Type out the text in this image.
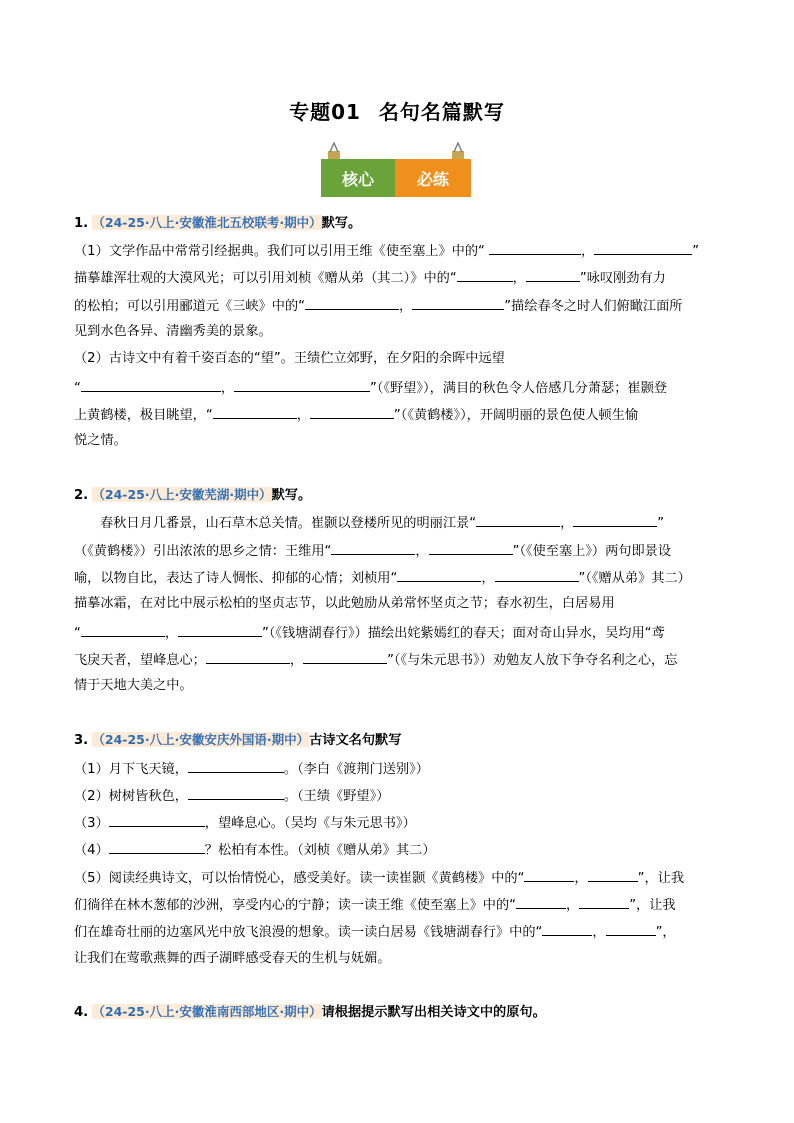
专题01 名句名篇默写
核心	必练
1. （24-25·八上·安徽淮北五校联考·期中）默写。
（1）文学作品中常常引经据典。我们可以引用王维《使至塞上》中的“	，	”
描摹雄浑壮观的大漠风光；可以引用刘桢《赠从弟（其二）》中的“	，	”咏叹刚劲有力
的松柏；可以引用郦道元《三峡》中的“	，	”描绘春冬之时人们俯瞰江面所
见到水色各异、清幽秀美的景象。
（2）古诗文中有着千姿百态的“望”。王绩伫立郊野，在夕阳的余晖中远望
“	，	”（《野望》），满目的秋色令人倍感几分萧瑟；崔颢登
上黄鹤楼，极目眺望，“	，	”（《黄鹤楼》），开阔明丽的景色使人顿生愉
悦之情。
2. （24-25·八上·安徽芜湖·期中）默写。
春秋日月几番景，山石草木总关情。崔颢以登楼所见的明丽江景“	，	”
（《黄鹤楼》）引出浓浓的思乡之情：王维用“	，	”（《使至塞上》）两句即景设
喻，以物自比，表达了诗人惆怅、抑郁的心情；刘桢用“	，	”（《赠从弟》其二）
描摹冰霜，在对比中展示松柏的坚贞志节，以此勉励从弟常怀坚贞之节；春水初生，白居易用
“	，	”（《钱塘湖春行》）描绘出姹紫嫣红的春天；面对奇山异水，吴均用“鸢
飞戾天者，望峰息心；	，	”（《与朱元思书》）劝勉友人放下争夺名利之心，忘
情于天地大美之中。
3. （24-25·八上·安徽安庆外国语·期中）古诗文名句默写
（1）月下飞天镜，	。（李白《渡荆门送别》）
（2）树树皆秋色，	。（王绩《野望》）
（3）	，望峰息心。（吴均《与朱元思书》）
（4）	？松柏有本性。（刘桢《赠从弟》其二）
（5）阅读经典诗文，可以怡情悦心，感受美好。读一读崔颢《黄鹤楼》中的“	，	”，让我
们徜徉在林木葱郁的沙洲，享受内心的宁静；读一读王维《使至塞上》中的“	，	”，让我
们在雄奇壮丽的边塞风光中放飞浪漫的想象。读一读白居易《钱塘湖春行》中的“	，	”，
让我们在莺歌燕舞的西子湖畔感受春天的生机与妩媚。
4. （24-25·八上·安徽淮南西部地区·期中）请根据提示默写出相关诗文中的原句。
